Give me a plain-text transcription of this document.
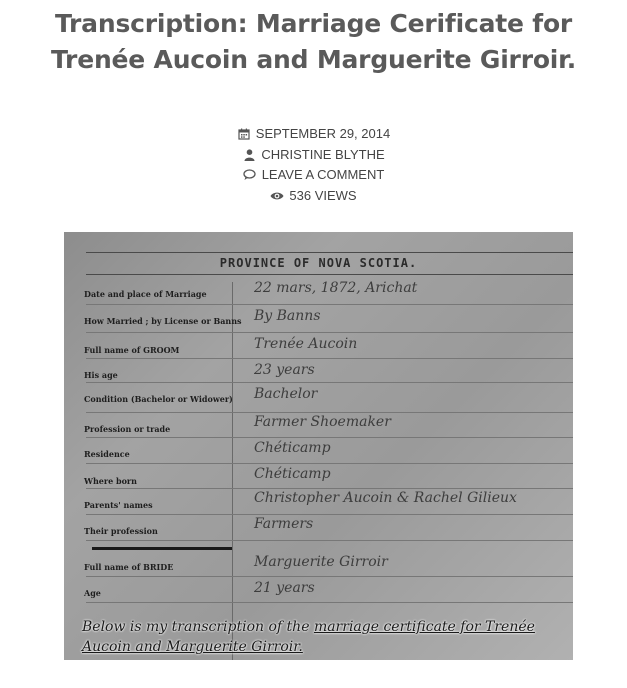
Transcription: Marriage Cerificate for Trenée Aucoin and Marguerite Girroir.
SEPTEMBER 29, 2014
CHRISTINE BLYTHE
LEAVE A COMMENT
536 VIEWS
PROVINCE OF NOVA SCOTIA.
Date and place of Marriage
How Married ; by License or Banns
Full name of GROOM
His age
Condition (Bachelor or Widower)
Profession or trade
Residence
Where born
Parents' names
Their profession
Full name of BRIDE
Age
22 mars, 1872, Arichat
By Banns
Trenée Aucoin
23 years
Bachelor
Farmer Shoemaker
Chéticamp
Chéticamp
Christopher Aucoin & Rachel Gilieux
Farmers
Marguerite Girroir
21 years

Below is my transcription of the marriage certificate for Trenée Aucoin and Marguerite Girroir.
